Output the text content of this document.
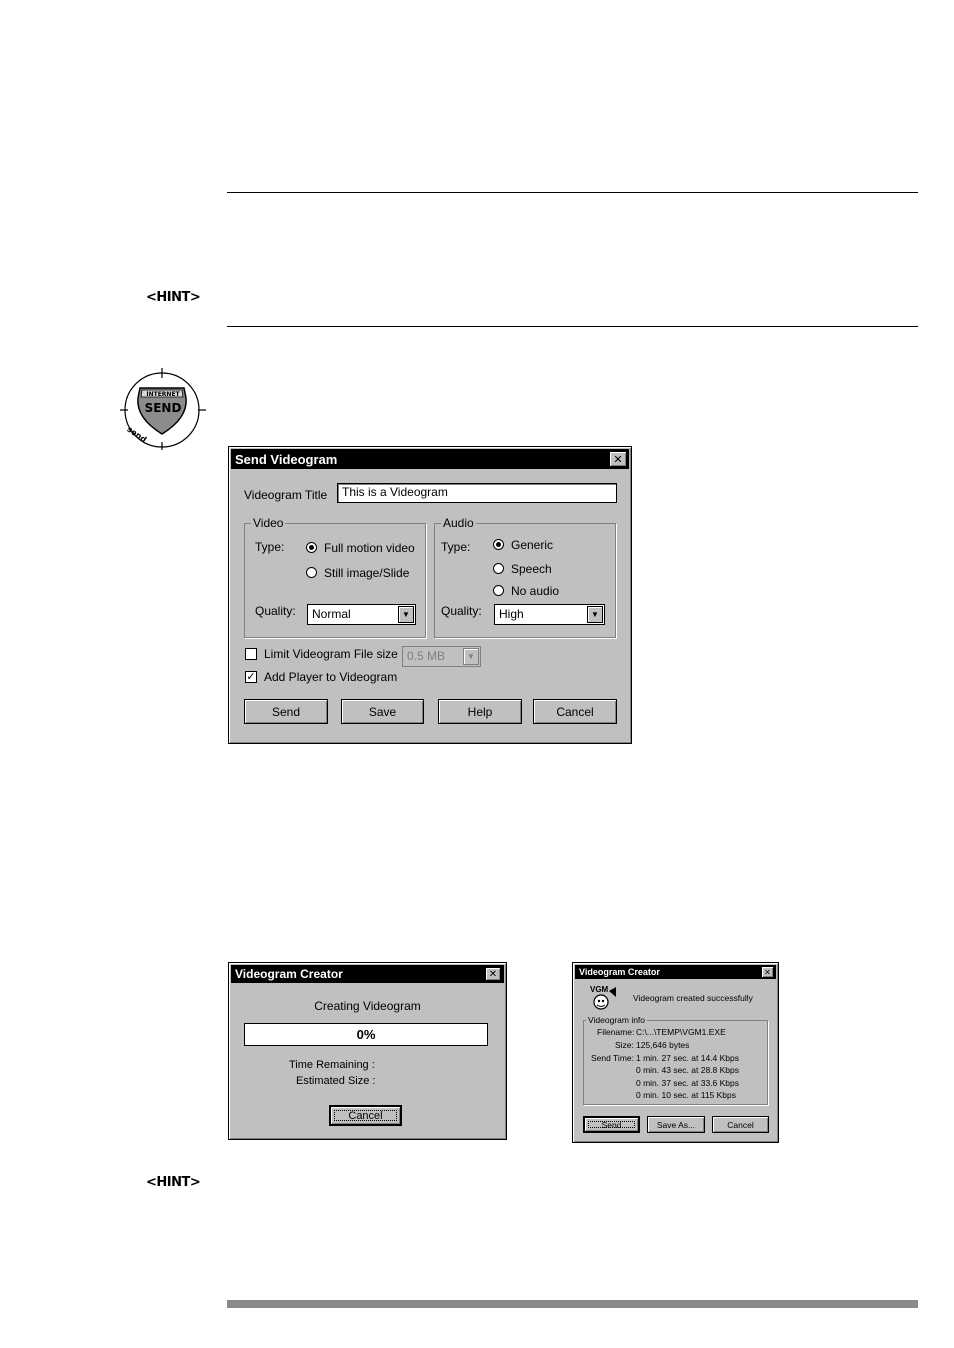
<HINT>
INTERNET
SEND
send
Send Videogram	✕
Videogram Title	This is a Videogram
Video
Type:	Full motion video
Still image/Slide
Quality:	Normal	▼
Audio
Type:	Generic
Speech
No audio
Quality:	High	▼
Limit Videogram File size 0.5 MB	▼
✓ Add Player to Videogram
Send	Save	Help	Cancel
Videogram Creator	✕
Creating Videogram
0%
Time Remaining :
Estimated Size :
Cancel
Videogram Creator	✕
VGM
Videogram created successfully
Videogram info
Filename: C:\...\TEMP\VGM1.EXE
Size: 125,646 bytes
Send Time: 1 min. 27 sec. at 14.4 Kbps
0 min. 43 sec. at 28.8 Kbps
0 min. 37 sec. at 33.6 Kbps
0 min. 10 sec. at 115 Kbps
Send	Save As...	Cancel
<HINT>
